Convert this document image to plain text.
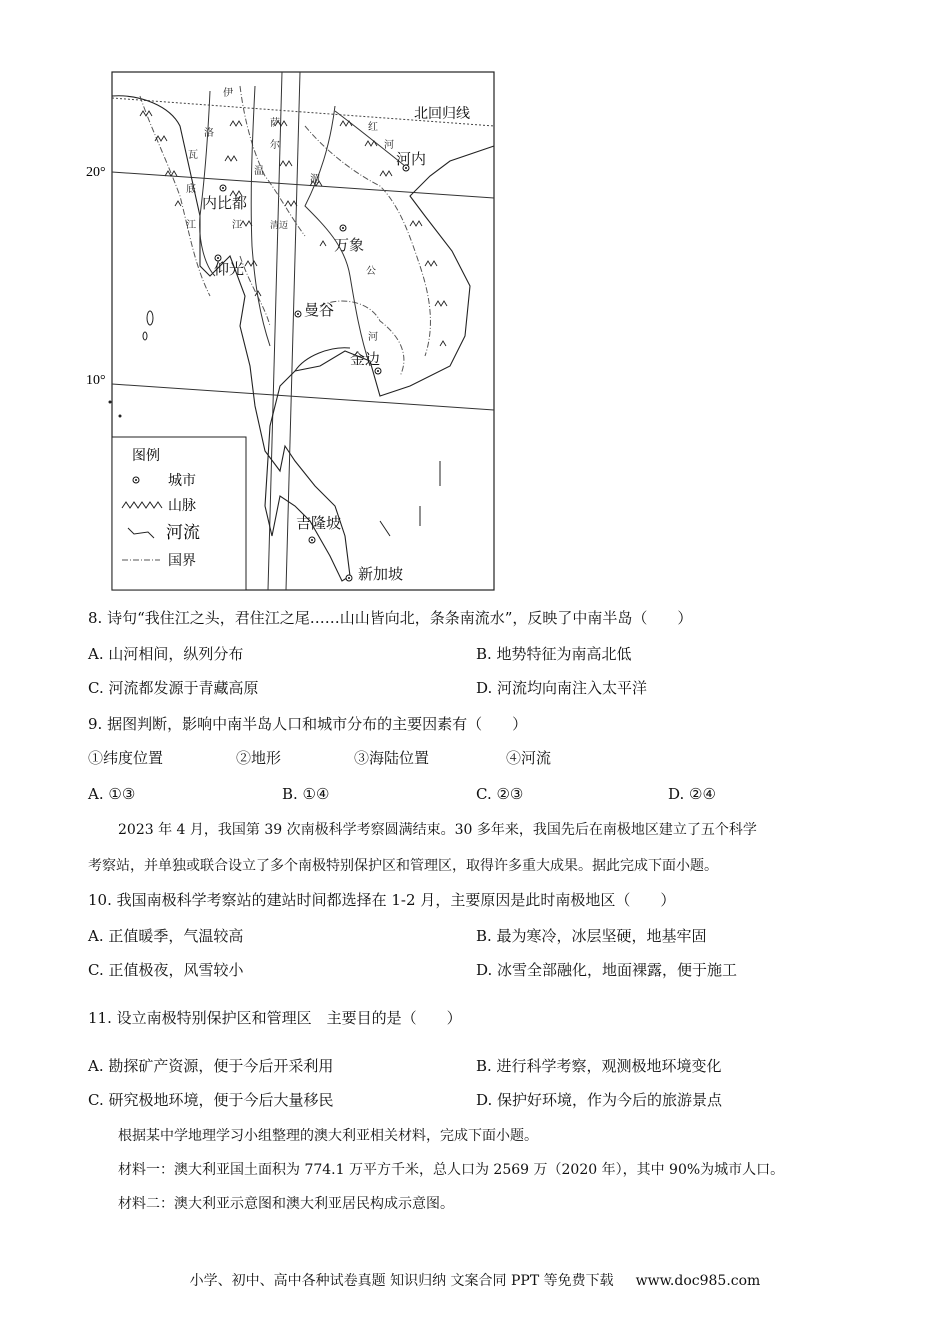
20°
10°
北回归线
伊
洛
瓦
底
江
萨
尔
温
江
红
河
湄
公
河
清迈
河内
内比都
万象
仰光
曼谷
金边
吉隆坡
新加坡
图例
城市
山脉
河流
国界
8. 诗句“我住江之头，君住江之尾……山山皆向北，条条南流水”，反映了中南半岛（　　）
A. 山河相间，纵列分布	B. 地势特征为南高北低
C. 河流都发源于青藏高原	D. 河流均向南注入太平洋
9. 据图判断，影响中南半岛人口和城市分布的主要因素有（　　）
①纬度位置	②地形	③海陆位置	④河流
A. ①③	B. ①④	C. ②③	D. ②④
2023 年 4 月，我国第 39 次南极科学考察圆满结束。30 多年来，我国先后在南极地区建立了五个科学
考察站，并单独或联合设立了多个南极特别保护区和管理区，取得许多重大成果。据此完成下面小题。
10. 我国南极科学考察站的建站时间都选择在 1-2 月，主要原因是此时南极地区（　　）
A. 正值暖季，气温较高	B. 最为寒冷，冰层坚硬，地基牢固
C. 正值极夜，风雪较小	D. 冰雪全部融化，地面裸露，便于施工
11. 设立南极特别保护区和管理区　主要目的是（　　）
A. 勘探矿产资源，便于今后开采利用	B. 进行科学考察，观测极地环境变化
C. 研究极地环境，便于今后大量移民	D. 保护好环境，作为今后的旅游景点
根据某中学地理学习小组整理的澳大利亚相关材料，完成下面小题。
材料一：澳大利亚国土面积为 774.1 万平方千米，总人口为 2569 万（2020 年），其中 90%为城市人口。
材料二：澳大利亚示意图和澳大利亚居民构成示意图。
小学、初中、高中各种试卷真题 知识归纳 文案合同 PPT 等免费下载 www.doc985.com
